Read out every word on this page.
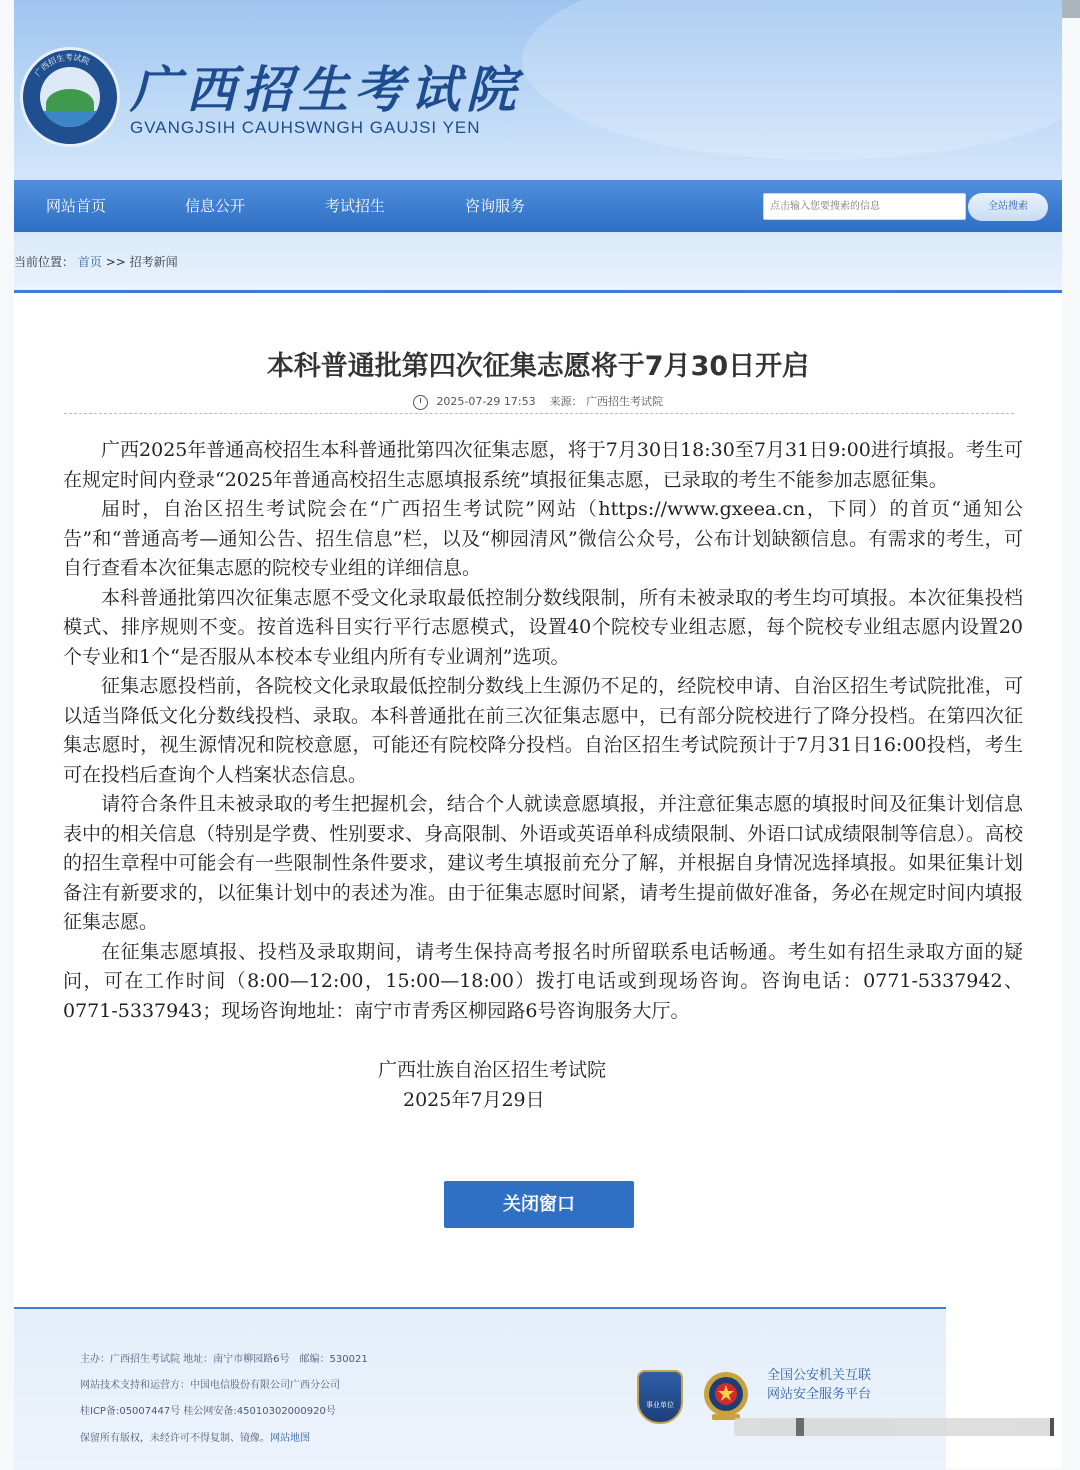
广西招生考试院 广西招生考试院
GVANGJSIH CAUHSWNGH GAUJSI YEN
网站首页	信息公开	考试招生	咨询服务
点击输入您要搜索的信息	全站搜索
当前位置： 首页 >> 招考新闻
本科普通批第四次征集志愿将于7月30日开启
2025-07-29 17:53 来源： 广西招生考试院

广西2025年普通高校招生本科普通批第四次征集志愿，将于7月30日18:30至7月31日9:00进行填报。考生可在规定时间内登录“2025年普通高校招生志愿填报系统”填报征集志愿，已录取的考生不能参加志愿征集。

届时，自治区招生考试院会在“广西招生考试院”网站（https://www.gxeea.cn，下同）的首页“通知公告”和“普通高考—通知公告、招生信息”栏，以及“柳园清风”微信公众号，公布计划缺额信息。有需求的考生，可自行查看本次征集志愿的院校专业组的详细信息。

本科普通批第四次征集志愿不受文化录取最低控制分数线限制，所有未被录取的考生均可填报。本次征集投档模式、排序规则不变。按首选科目实行平行志愿模式，设置40个院校专业组志愿，每个院校专业组志愿内设置20个专业和1个“是否服从本校本专业组内所有专业调剂”选项。

征集志愿投档前，各院校文化录取最低控制分数线上生源仍不足的，经院校申请、自治区招生考试院批准，可以适当降低文化分数线投档、录取。本科普通批在前三次征集志愿中，已有部分院校进行了降分投档。在第四次征集志愿时，视生源情况和院校意愿，可能还有院校降分投档。自治区招生考试院预计于7月31日16:00投档，考生可在投档后查询个人档案状态信息。

请符合条件且未被录取的考生把握机会，结合个人就读意愿填报，并注意征集志愿的填报时间及征集计划信息表中的相关信息（特别是学费、性别要求、身高限制、外语或英语单科成绩限制、外语口试成绩限制等信息）。高校的招生章程中可能会有一些限制性条件要求，建议考生填报前充分了解，并根据自身情况选择填报。如果征集计划备注有新要求的，以征集计划中的表述为准。由于征集志愿时间紧，请考生提前做好准备，务必在规定时间内填报征集志愿。

在征集志愿填报、投档及录取期间，请考生保持高考报名时所留联系电话畅通。考生如有招生录取方面的疑问，可在工作时间（8:00—12:00，15:00—18:00）拨打电话或到现场咨询。咨询电话：0771-5337942、0771-5337943；现场咨询地址：南宁市青秀区柳园路6号咨询服务大厅。

广西壮族自治区招生考试院
2025年7月29日
关闭窗口
主办：广西招生考试院 地址：南宁市柳园路6号　邮编：530021
网站技术支持和运营方：中国电信股份有限公司广西分公司
桂ICP备:05007447号 桂公网安备:45010302000920号
保留所有版权，未经许可不得复制、镜像。网站地图
事业单位
全国公安机关互联
网站安全服务平台
